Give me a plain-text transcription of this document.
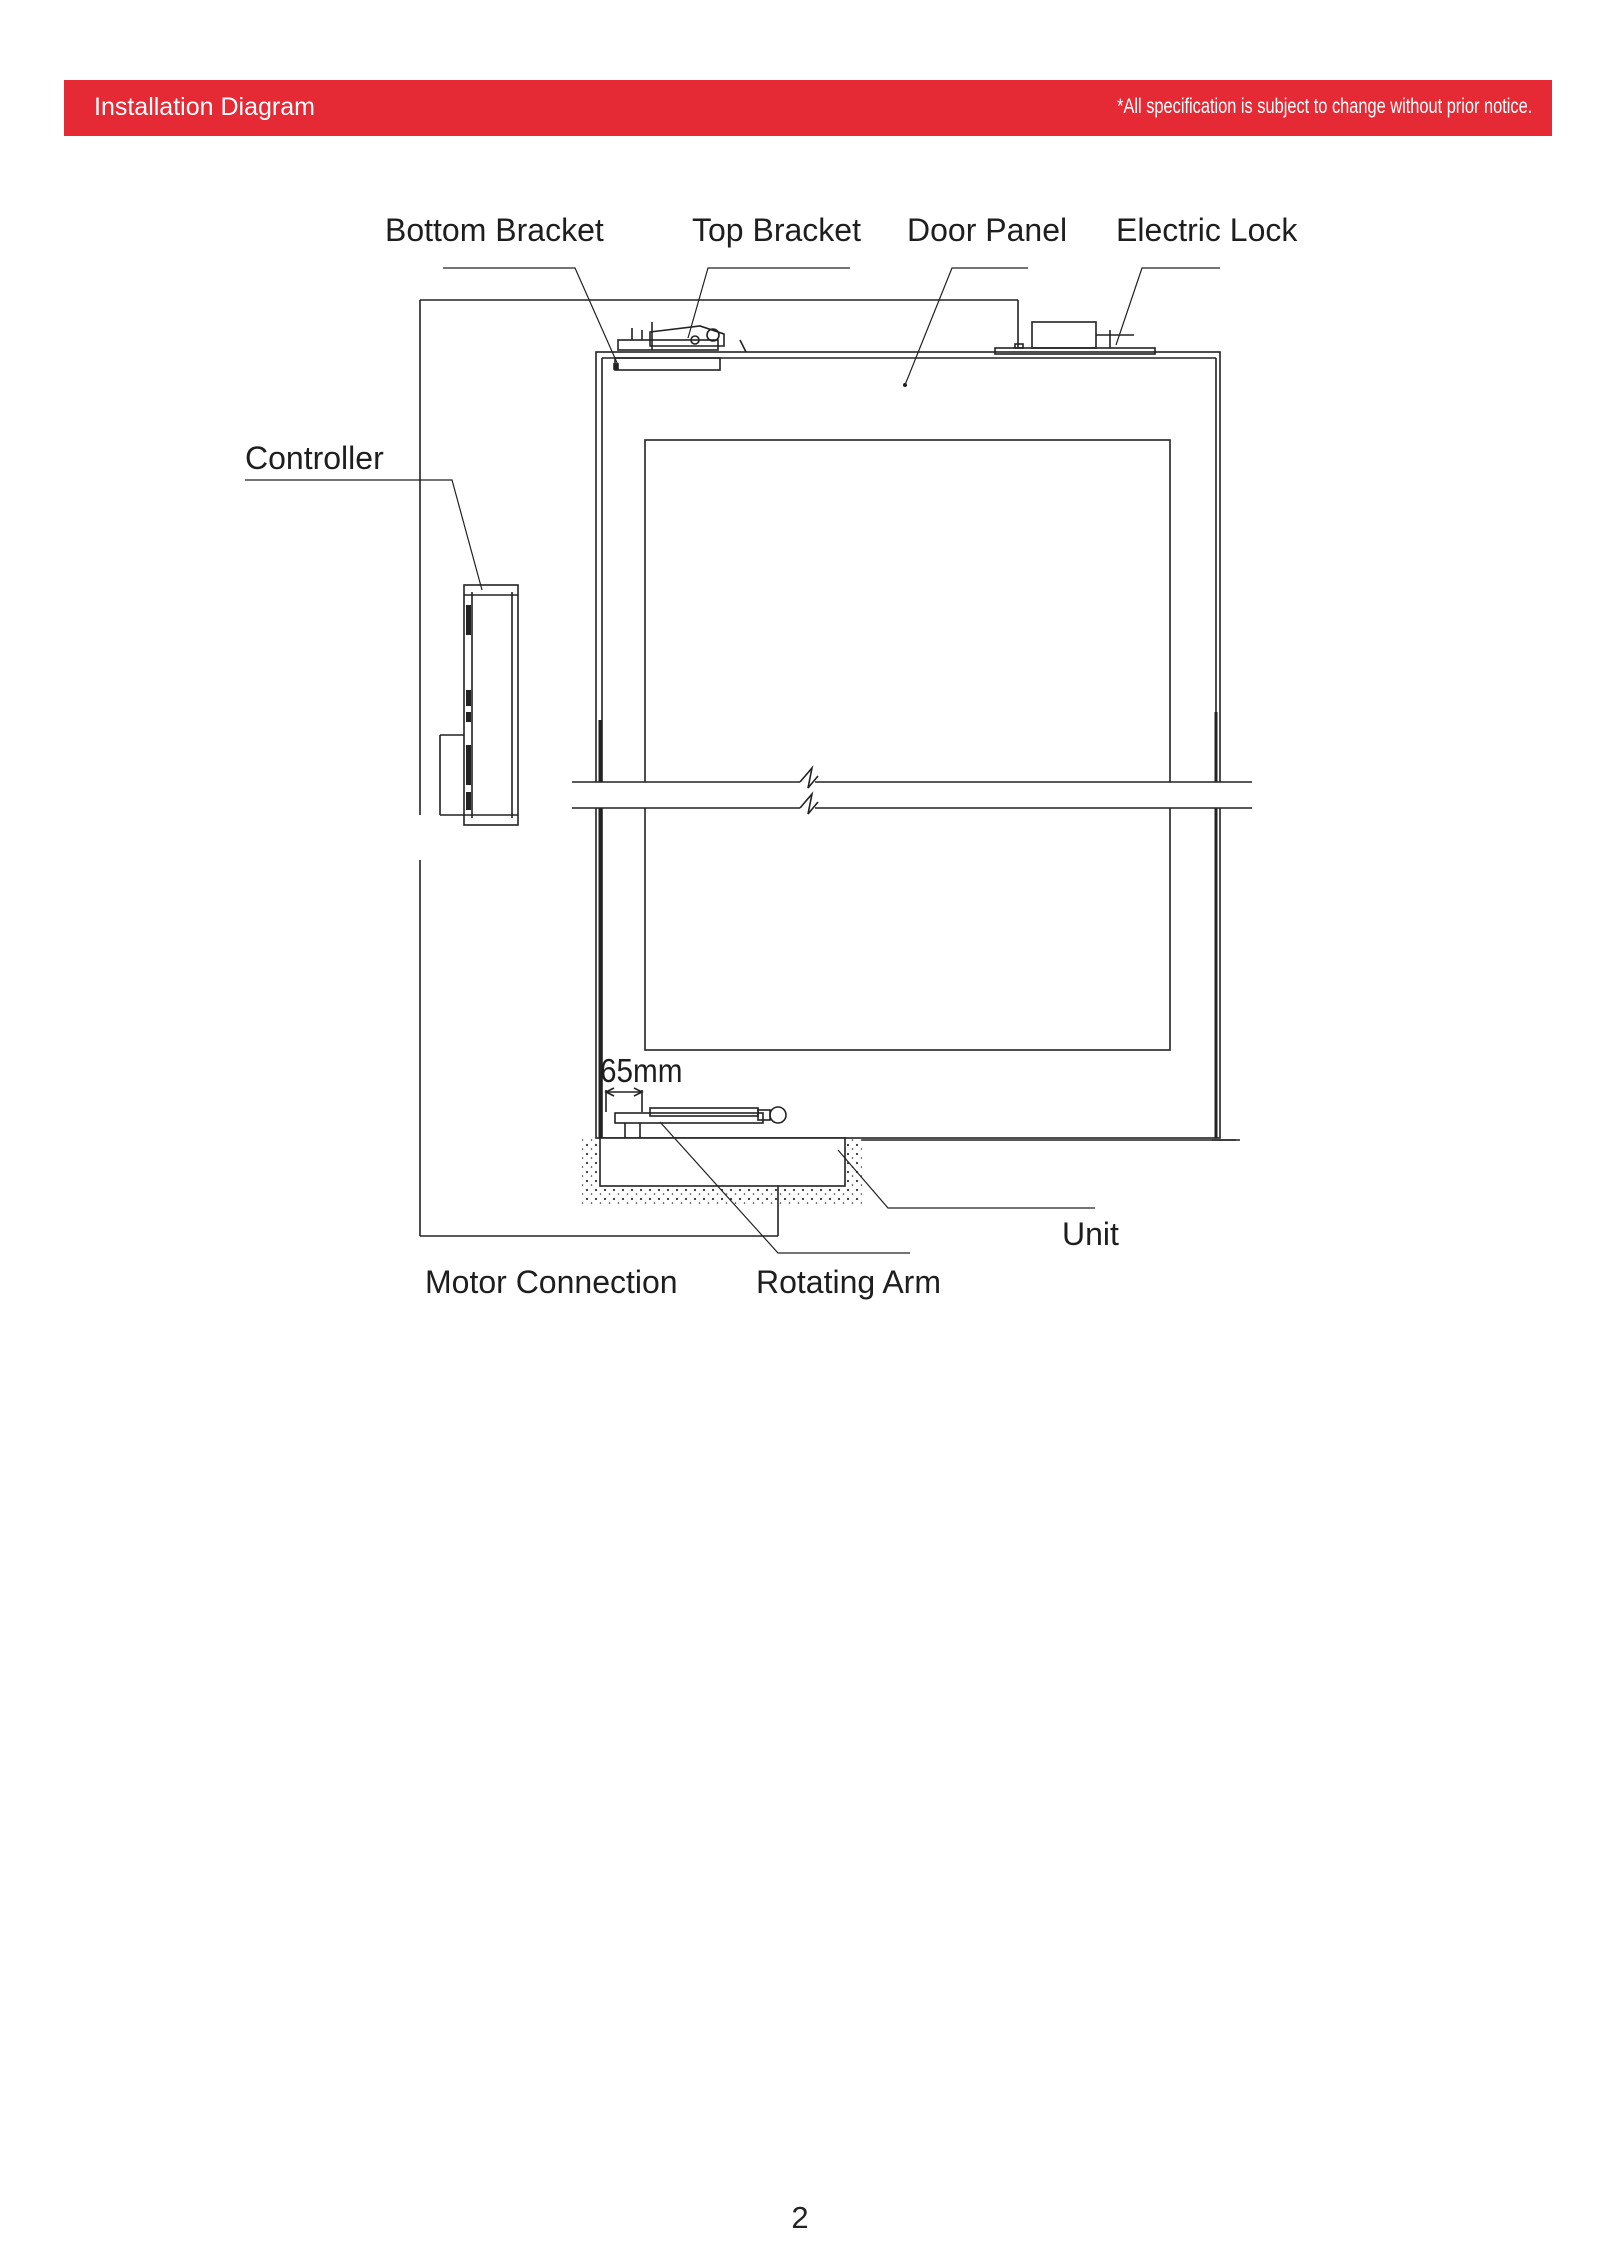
Installation Diagram	*All specification is subject to change without prior notice.
Bottom Bracket	Top Bracket Door Panel Electric Lock
Controller
65mm
Unit
Motor Connection Rotating Arm
2
